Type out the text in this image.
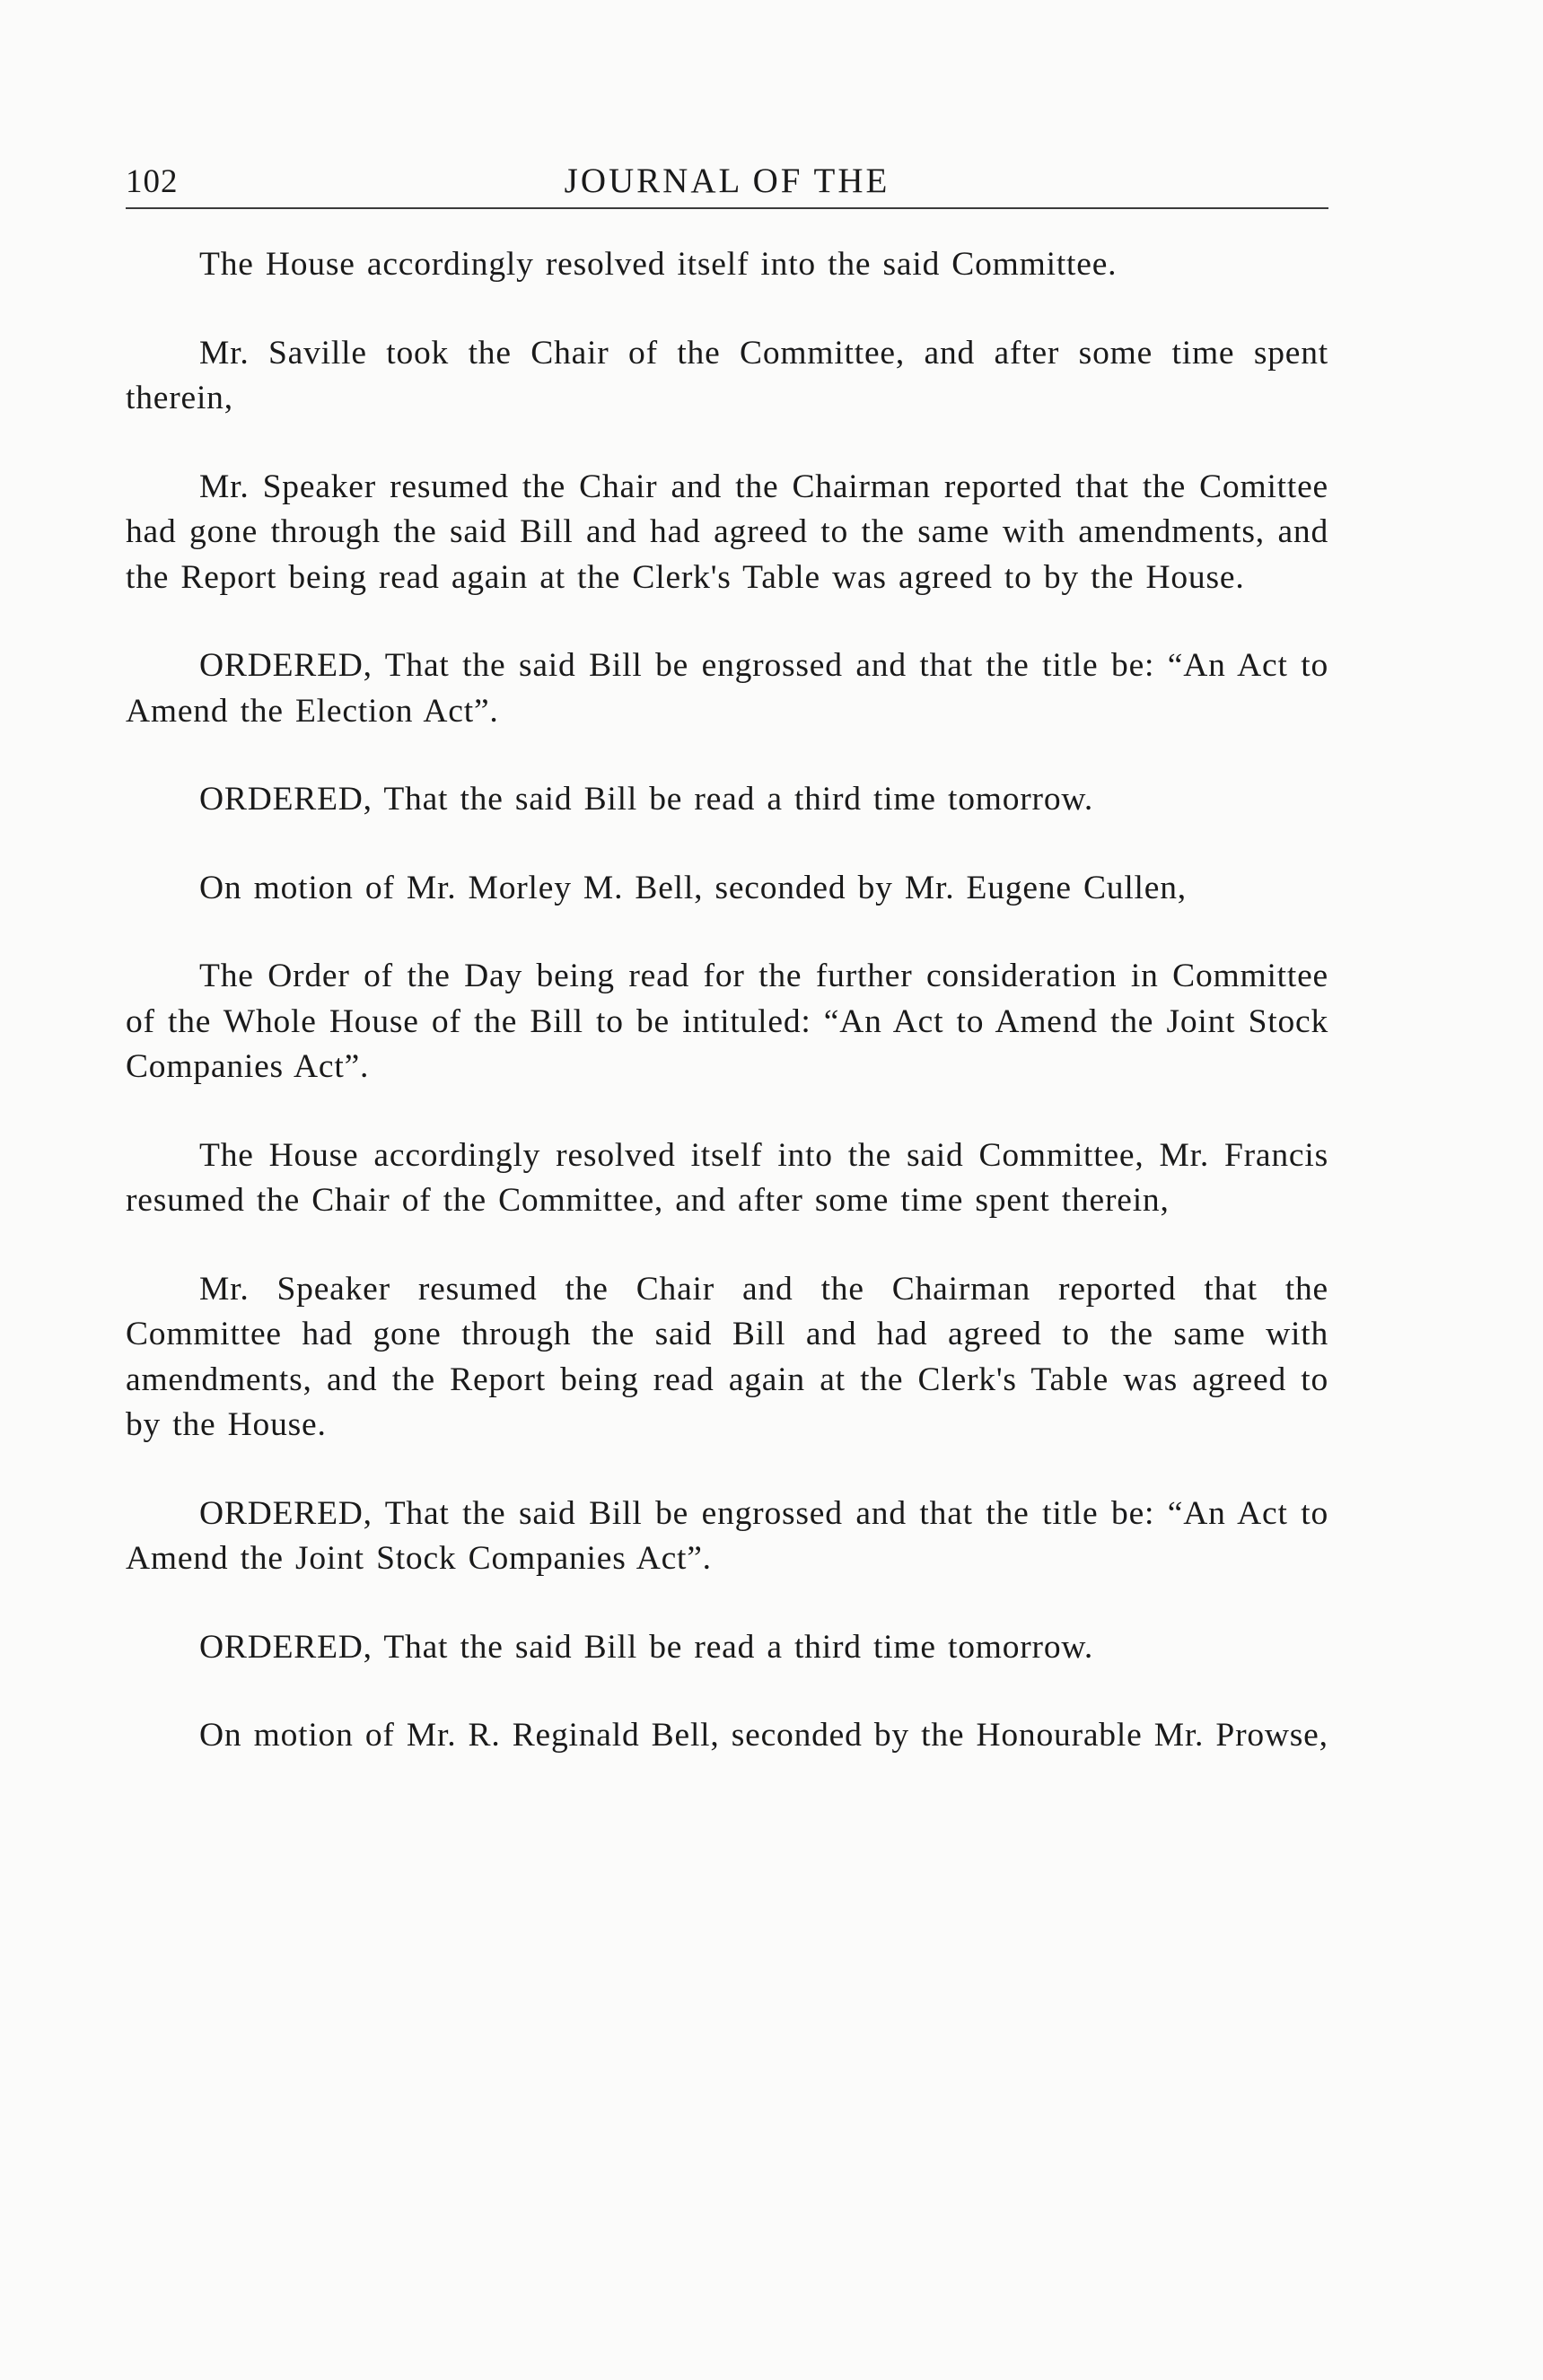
102	JOURNAL OF THE

The House accordingly resolved itself into the said Committee.

Mr. Saville took the Chair of the Committee, and after some time spent therein,

Mr. Speaker resumed the Chair and the Chairman reported that the Comittee had gone through the said Bill and had agreed to the same with amendments, and the Report being read again at the Clerk's Table was agreed to by the House.

ORDERED, That the said Bill be engrossed and that the title be: “An Act to Amend the Election Act”.

ORDERED, That the said Bill be read a third time tomorrow.

On motion of Mr. Morley M. Bell, seconded by Mr. Eugene Cullen,

The Order of the Day being read for the further consideration in Committee of the Whole House of the Bill to be intituled: “An Act to Amend the Joint Stock Companies Act”.

The House accordingly resolved itself into the said Committee, Mr. Francis resumed the Chair of the Committee, and after some time spent therein,

Mr. Speaker resumed the Chair and the Chairman reported that the Committee had gone through the said Bill and had agreed to the same with amendments, and the Report being read again at the Clerk's Table was agreed to by the House.

ORDERED, That the said Bill be engrossed and that the title be: “An Act to Amend the Joint Stock Companies Act”.

ORDERED, That the said Bill be read a third time tomorrow.

On motion of Mr. R. Reginald Bell, seconded by the Honourable Mr. Prowse,
